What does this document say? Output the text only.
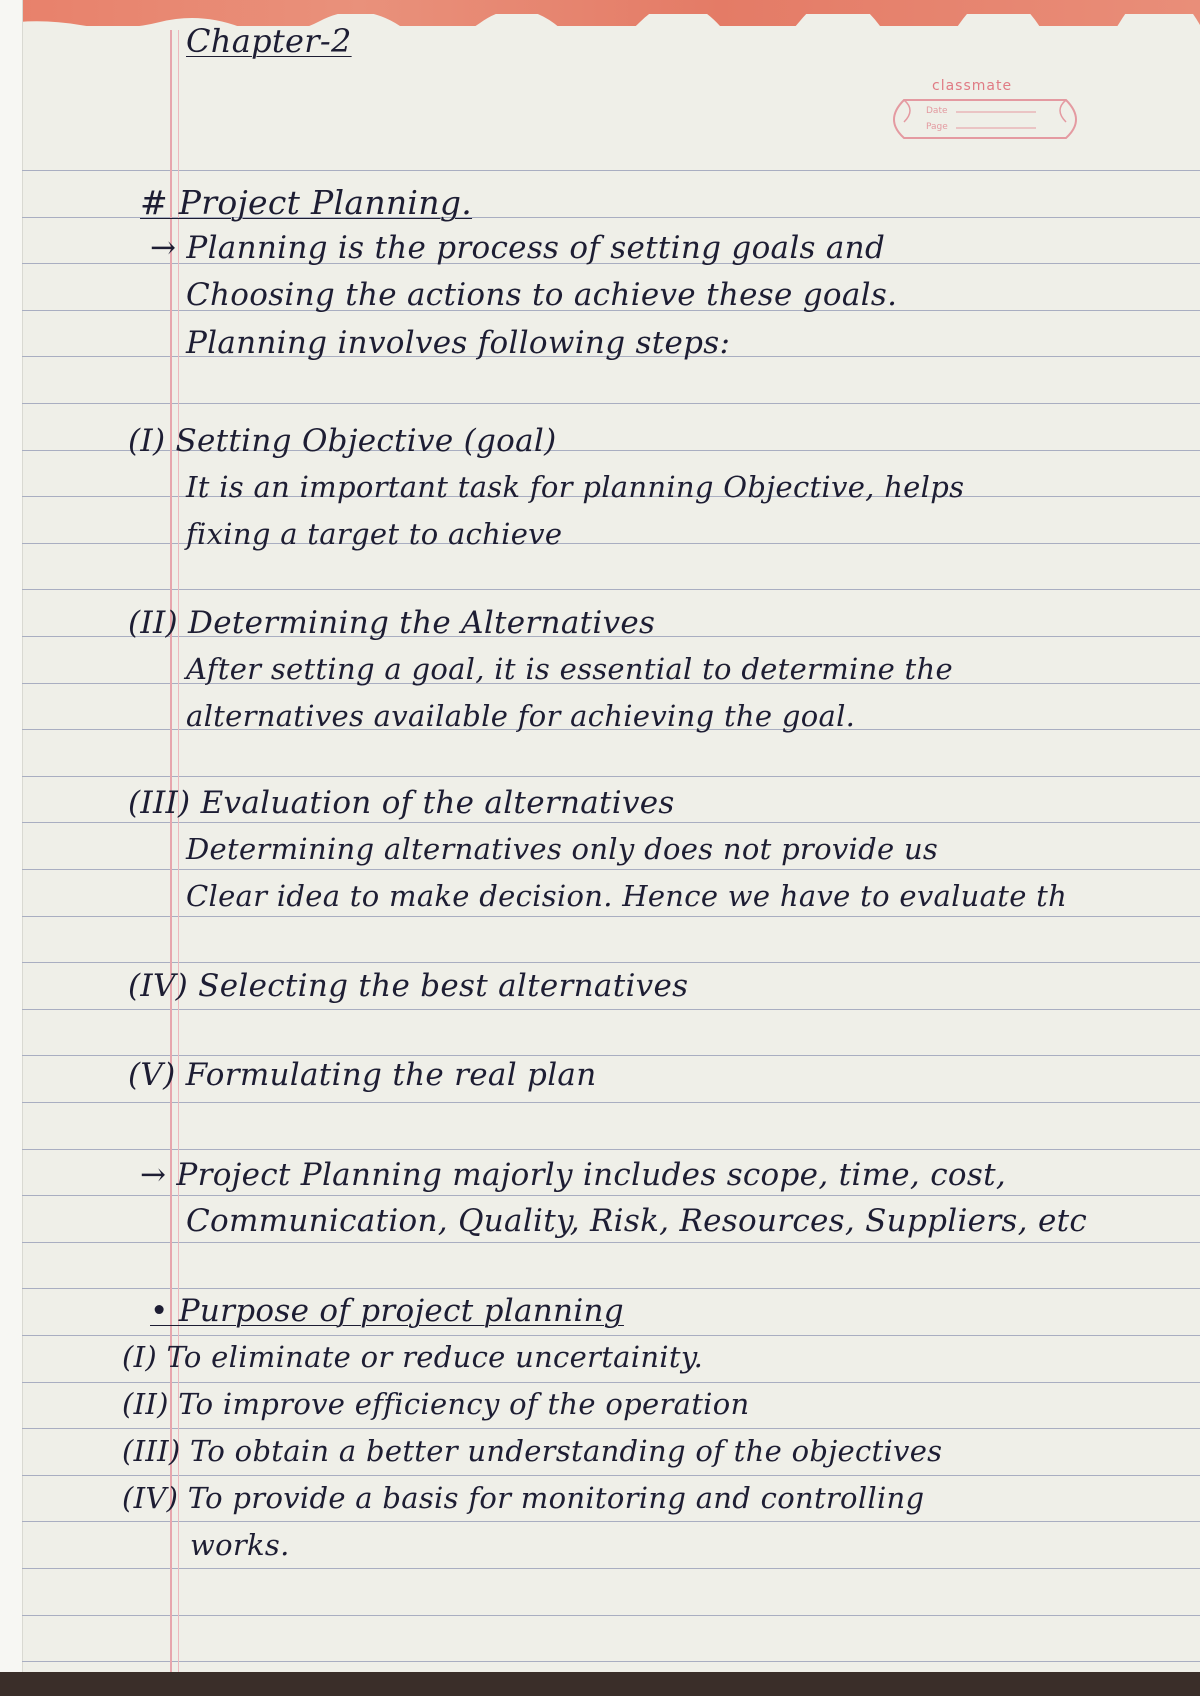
classmate
Date
Page
Chapter-2
# Project Planning.
→ Planning is the process of setting goals and
Choosing the actions to achieve these goals.
Planning involves following steps:
(I) Setting Objective (goal)
It is an important task for planning Objective, helps
fixing a target to achieve
(II) Determining the Alternatives
After setting a goal, it is essential to determine the
alternatives available for achieving the goal.
(III) Evaluation of the alternatives
Determining alternatives only does not provide us
Clear idea to make decision. Hence we have to evaluate th
(IV) Selecting the best alternatives
(V) Formulating the real plan
→ Project Planning majorly includes scope, time, cost,
Communication, Quality, Risk, Resources, Suppliers, etc
• Purpose of project planning
(I) To eliminate or reduce uncertainity.
(II) To improve efficiency of the operation
(III) To obtain a better understanding of the objectives
(IV) To provide a basis for monitoring and controlling
works.
